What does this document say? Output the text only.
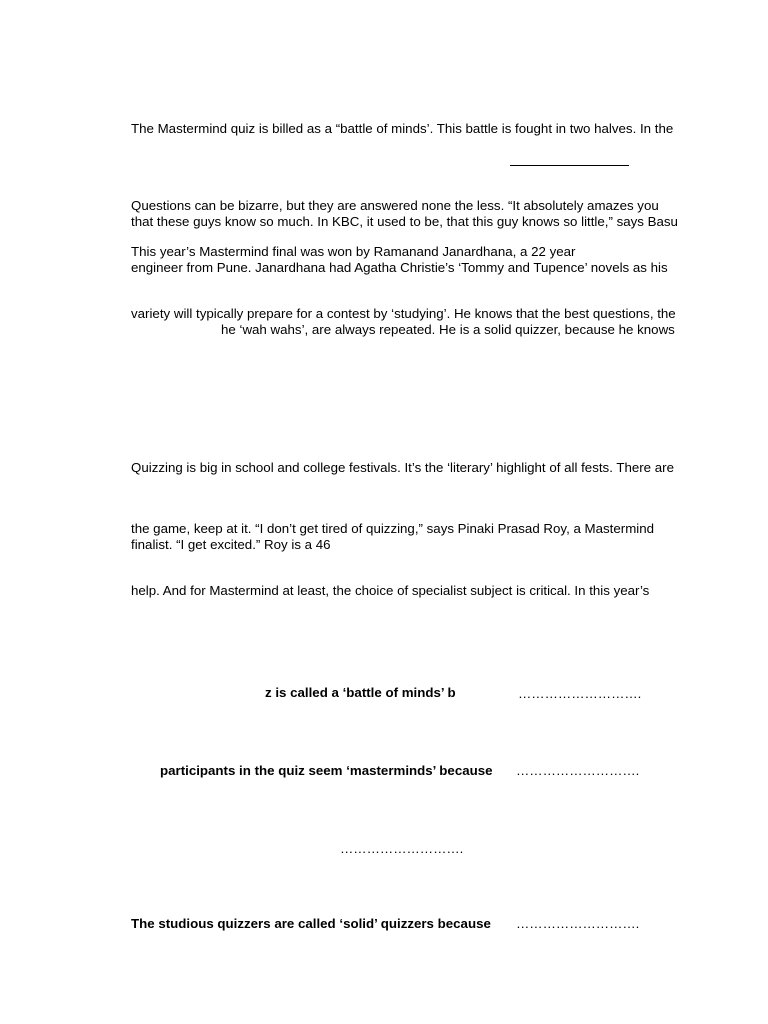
The Mastermind quiz is billed as a “battle of minds’. This battle is fought in two halves. In the
Questions can be bizarre, but they are answered none the less. “It absolutely amazes you
that these guys know so much. In KBC, it used to be, that this guy knows so little,” says Basu
This year’s Mastermind final was won by Ramanand Janardhana, a 22 year
engineer from Pune. Janardhana had Agatha Christie’s ‘Tommy and Tupence’ novels as his
variety will typically prepare for a contest by ‘studying’. He knows that the best questions, the
he ‘wah wahs’, are always repeated. He is a solid quizzer, because he knows
Quizzing is big in school and college festivals. It’s the ‘literary’ highlight of all fests. There are
the game, keep at it. “I don’t get tired of quizzing,” says Pinaki Prasad Roy, a Mastermind
finalist. “I get excited.” Roy is a 46
help. And for Mastermind at least, the choice of specialist subject is critical. In this year’s
z is called a ‘battle of minds’ b	……………………….
participants in the quiz seem ‘masterminds’ because ……………………….
……………………….
The studious quizzers are called ‘solid’ quizzers because ……………………….
